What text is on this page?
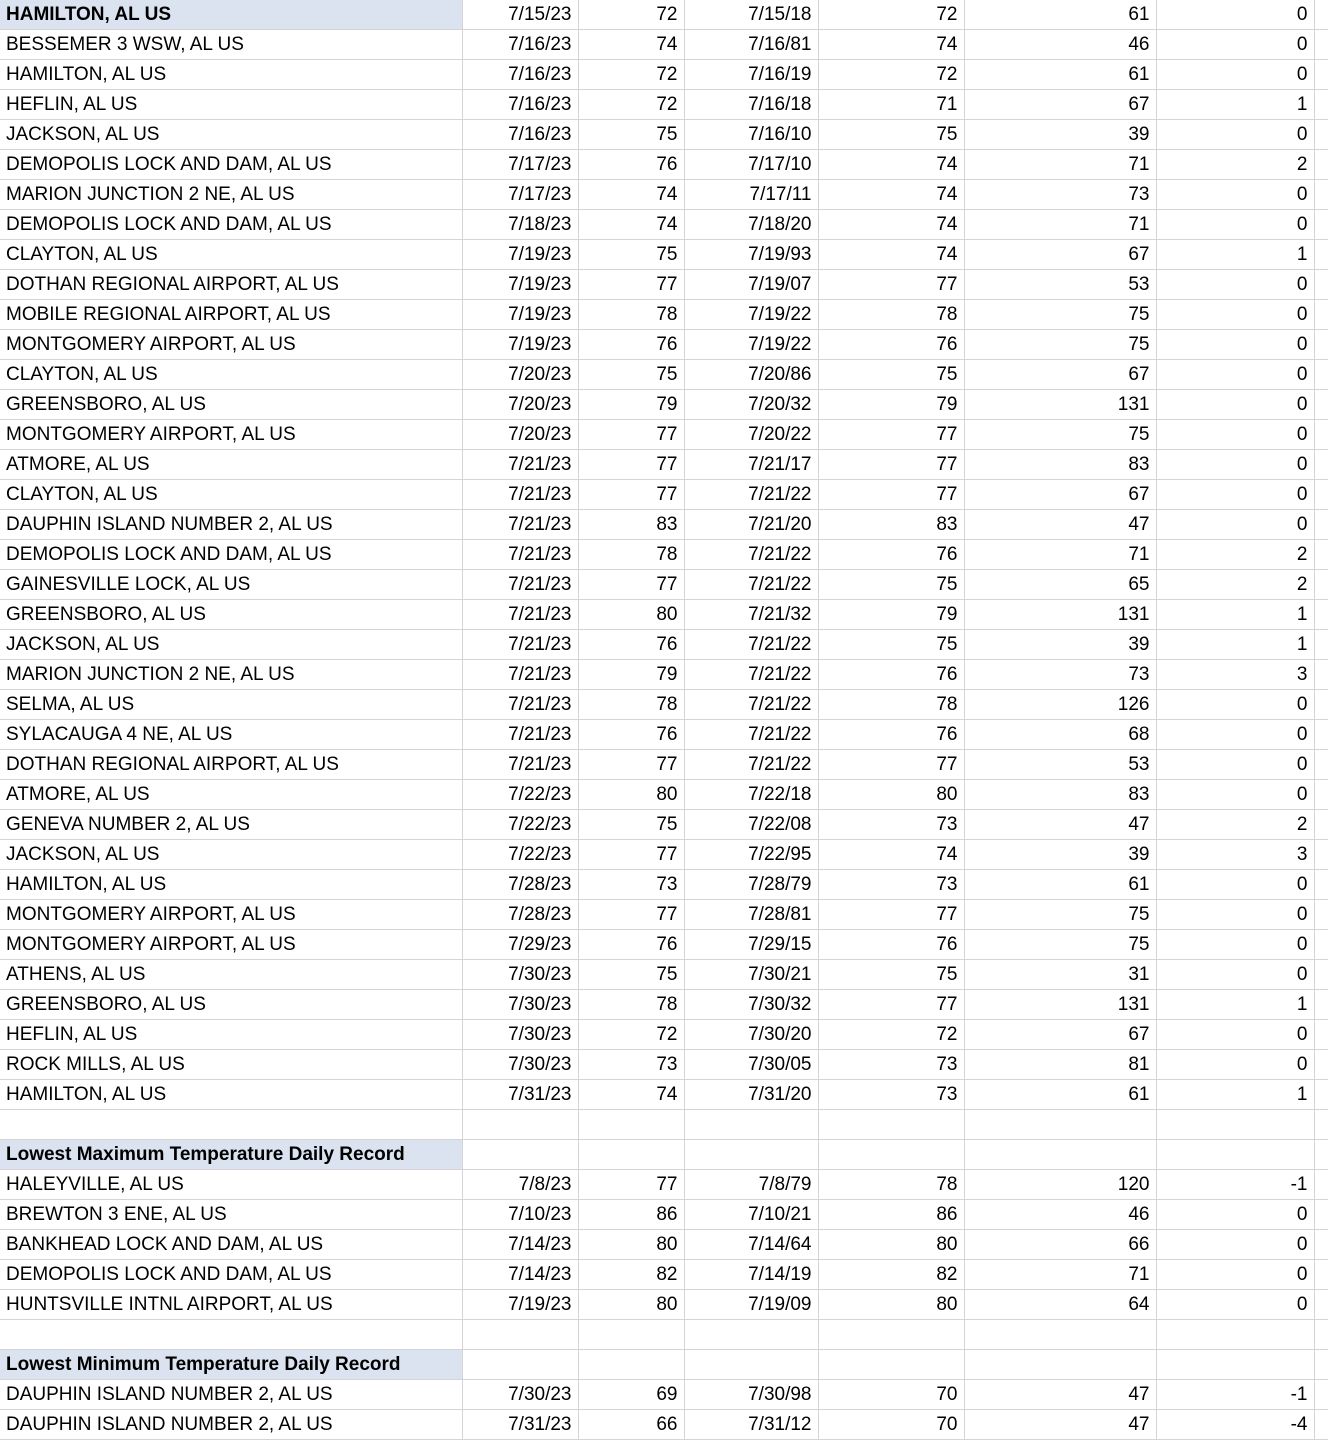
HAMILTON, AL US	7/15/23	72	7/15/18	72	61	0	
BESSEMER 3 WSW, AL US	7/16/23	74	7/16/81	74	46	0	
HAMILTON, AL US	7/16/23	72	7/16/19	72	61	0	
HEFLIN, AL US	7/16/23	72	7/16/18	71	67	1	
JACKSON, AL US	7/16/23	75	7/16/10	75	39	0	
DEMOPOLIS LOCK AND DAM, AL US	7/17/23	76	7/17/10	74	71	2	
MARION JUNCTION 2 NE, AL US	7/17/23	74	7/17/11	74	73	0	
DEMOPOLIS LOCK AND DAM, AL US	7/18/23	74	7/18/20	74	71	0	
CLAYTON, AL US	7/19/23	75	7/19/93	74	67	1	
DOTHAN REGIONAL AIRPORT, AL US	7/19/23	77	7/19/07	77	53	0	
MOBILE REGIONAL AIRPORT, AL US	7/19/23	78	7/19/22	78	75	0	
MONTGOMERY AIRPORT, AL US	7/19/23	76	7/19/22	76	75	0	
CLAYTON, AL US	7/20/23	75	7/20/86	75	67	0	
GREENSBORO, AL US	7/20/23	79	7/20/32	79	131	0	
MONTGOMERY AIRPORT, AL US	7/20/23	77	7/20/22	77	75	0	
ATMORE, AL US	7/21/23	77	7/21/17	77	83	0	
CLAYTON, AL US	7/21/23	77	7/21/22	77	67	0	
DAUPHIN ISLAND NUMBER 2, AL US	7/21/23	83	7/21/20	83	47	0	
DEMOPOLIS LOCK AND DAM, AL US	7/21/23	78	7/21/22	76	71	2	
GAINESVILLE LOCK, AL US	7/21/23	77	7/21/22	75	65	2	
GREENSBORO, AL US	7/21/23	80	7/21/32	79	131	1	
JACKSON, AL US	7/21/23	76	7/21/22	75	39	1	
MARION JUNCTION 2 NE, AL US	7/21/23	79	7/21/22	76	73	3	
SELMA, AL US	7/21/23	78	7/21/22	78	126	0	
SYLACAUGA 4 NE, AL US	7/21/23	76	7/21/22	76	68	0	
DOTHAN REGIONAL AIRPORT, AL US	7/21/23	77	7/21/22	77	53	0	
ATMORE, AL US	7/22/23	80	7/22/18	80	83	0	
GENEVA NUMBER 2, AL US	7/22/23	75	7/22/08	73	47	2	
JACKSON, AL US	7/22/23	77	7/22/95	74	39	3	
HAMILTON, AL US	7/28/23	73	7/28/79	73	61	0	
MONTGOMERY AIRPORT, AL US	7/28/23	77	7/28/81	77	75	0	
MONTGOMERY AIRPORT, AL US	7/29/23	76	7/29/15	76	75	0	
ATHENS, AL US	7/30/23	75	7/30/21	75	31	0	
GREENSBORO, AL US	7/30/23	78	7/30/32	77	131	1	
HEFLIN, AL US	7/30/23	72	7/30/20	72	67	0	
ROCK MILLS, AL US	7/30/23	73	7/30/05	73	81	0	
HAMILTON, AL US	7/31/23	74	7/31/20	73	61	1	

Lowest Maximum Temperature Daily Record							
HALEYVILLE, AL US	7/8/23	77	7/8/79	78	120	-1	
BREWTON 3 ENE, AL US	7/10/23	86	7/10/21	86	46	0	
BANKHEAD LOCK AND DAM, AL US	7/14/23	80	7/14/64	80	66	0	
DEMOPOLIS LOCK AND DAM, AL US	7/14/23	82	7/14/19	82	71	0	
HUNTSVILLE INTNL AIRPORT, AL US	7/19/23	80	7/19/09	80	64	0	

Lowest Minimum Temperature Daily Record							
DAUPHIN ISLAND NUMBER 2, AL US	7/30/23	69	7/30/98	70	47	-1	
DAUPHIN ISLAND NUMBER 2, AL US	7/31/23	66	7/31/12	70	47	-4	
